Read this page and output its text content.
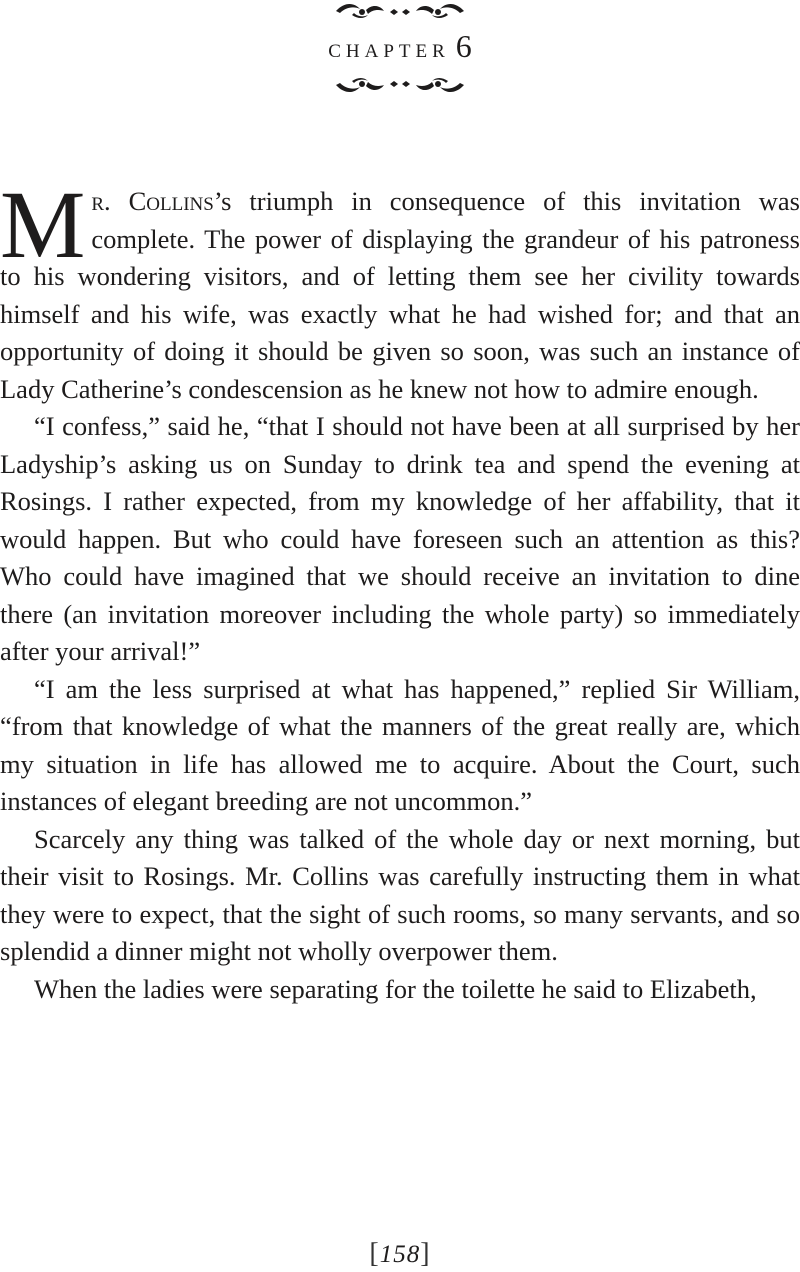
chapter 6

Mr. Collins’s triumph in consequence of this invitation was complete. The power of displaying the grandeur of his patroness to his wondering visitors, and of letting them see her civility towards himself and his wife, was exactly what he had wished for; and that an opportunity of doing it should be given so soon, was such an instance of Lady Catherine’s condescension as he knew not how to admire enough.

“I confess,” said he, “that I should not have been at all surprised by her Ladyship’s asking us on Sunday to drink tea and spend the evening at Rosings. I rather expected, from my knowledge of her affability, that it would happen. But who could have foreseen such an attention as this? Who could have imagined that we should receive an invitation to dine there (an invitation moreover including the whole party) so immediately after your arrival!”

“I am the less surprised at what has happened,” replied Sir William, “from that knowledge of what the manners of the great really are, which my situation in life has allowed me to acquire. About the Court, such instances of elegant breeding are not uncommon.”

Scarcely any thing was talked of the whole day or next morning, but their visit to Rosings. Mr. Collins was carefully instructing them in what they were to expect, that the sight of such rooms, so many servants, and so splendid a dinner might not wholly overpower them.

When the ladies were separating for the toilette he said to Elizabeth,

[158]
